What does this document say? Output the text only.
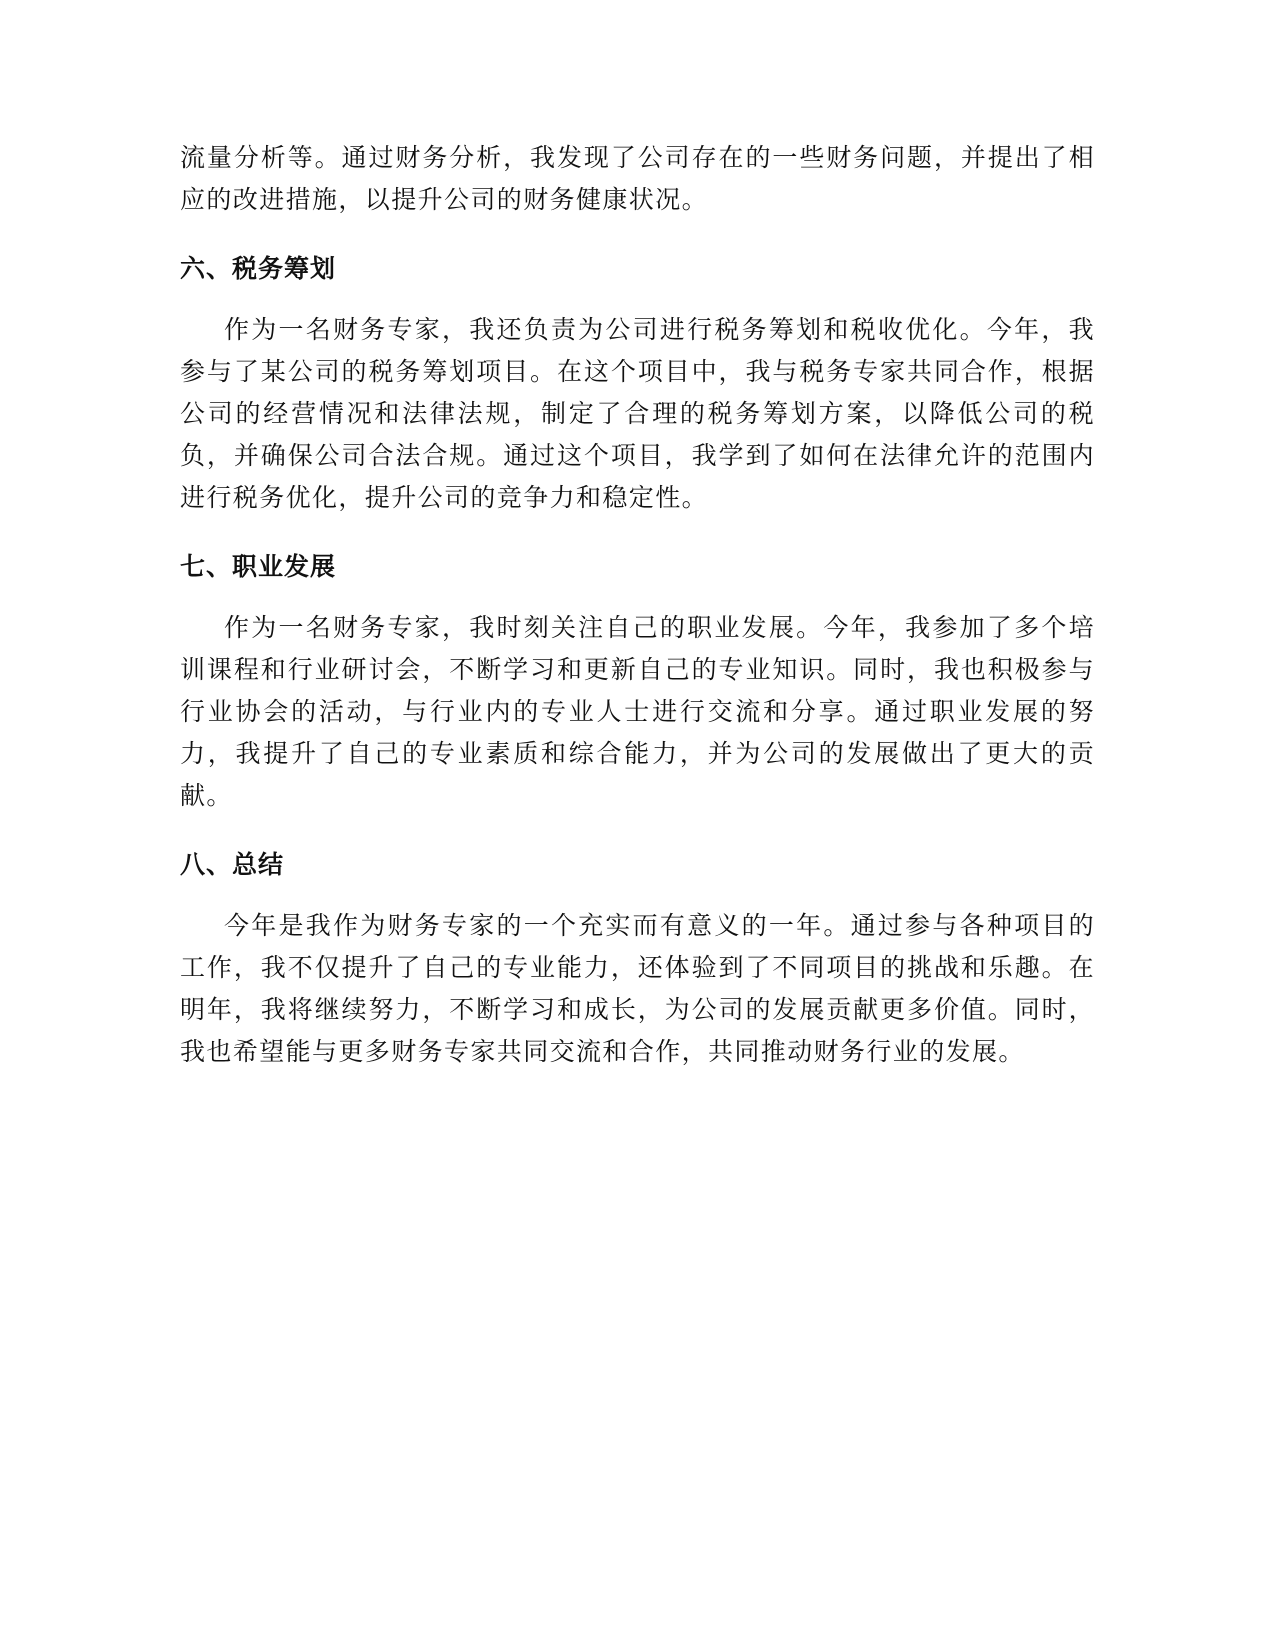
流量分析等。通过财务分析，我发现了公司存在的一些财务问题，并提出了相应的改进措施，以提升公司的财务健康状况。

六、税务筹划

作为一名财务专家，我还负责为公司进行税务筹划和税收优化。今年，我参与了某公司的税务筹划项目。在这个项目中，我与税务专家共同合作，根据公司的经营情况和法律法规，制定了合理的税务筹划方案，以降低公司的税负，并确保公司合法合规。通过这个项目，我学到了如何在法律允许的范围内进行税务优化，提升公司的竞争力和稳定性。

七、职业发展

作为一名财务专家，我时刻关注自己的职业发展。今年，我参加了多个培训课程和行业研讨会，不断学习和更新自己的专业知识。同时，我也积极参与行业协会的活动，与行业内的专业人士进行交流和分享。通过职业发展的努力，我提升了自己的专业素质和综合能力，并为公司的发展做出了更大的贡献。

八、总结

今年是我作为财务专家的一个充实而有意义的一年。通过参与各种项目的工作，我不仅提升了自己的专业能力，还体验到了不同项目的挑战和乐趣。在明年，我将继续努力，不断学习和成长，为公司的发展贡献更多价值。同时，我也希望能与更多财务专家共同交流和合作，共同推动财务行业的发展。
